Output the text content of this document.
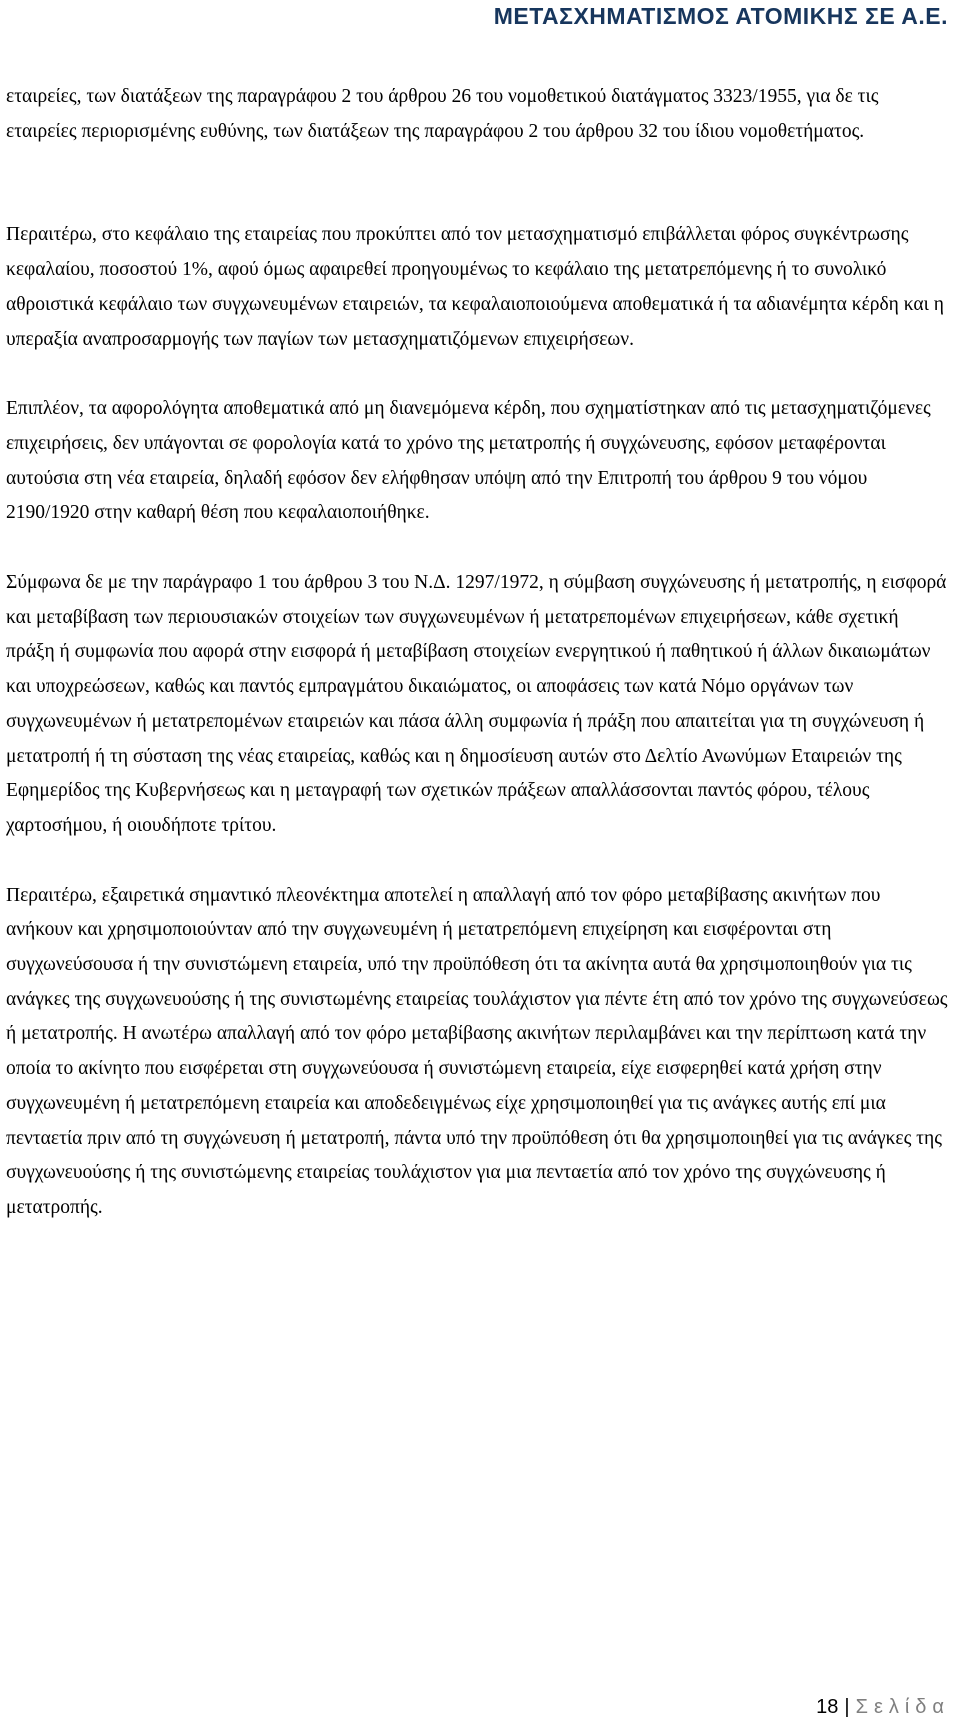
ΜΕΤΑΣΧΗΜΑΤΙΣΜΟΣ ΑΤΟΜΙΚΗΣ ΣΕ Α.Ε.

εταιρείες, των διατάξεων της παραγράφου 2 του άρθρου 26 του νομοθετικού διατάγματος 3323/1955, για δε τις εταιρείες περιορισμένης ευθύνης, των διατάξεων της παραγράφου 2 του άρθρου 32 του ίδιου νομοθετήματος.

Περαιτέρω, στο κεφάλαιο της εταιρείας που προκύπτει από τον μετασχηματισμό επιβάλλεται φόρος συγκέντρωσης κεφαλαίου, ποσοστού 1%, αφού όμως αφαιρεθεί προηγουμένως το κεφάλαιο της μετατρεπόμενης ή το συνολικό αθροιστικά κεφάλαιο των συγχωνευμένων εταιρειών, τα κεφαλαιοποιούμενα αποθεματικά ή τα αδιανέμητα κέρδη και η υπεραξία αναπροσαρμογής των παγίων των μετασχηματιζόμενων επιχειρήσεων.

Επιπλέον, τα αφορολόγητα αποθεματικά από μη διανεμόμενα κέρδη, που σχηματίστηκαν από τις μετασχηματιζόμενες επιχειρήσεις, δεν υπάγονται σε φορολογία κατά το χρόνο της μετατροπής ή συγχώνευσης, εφόσον μεταφέρονται αυτούσια στη νέα εταιρεία, δηλαδή εφόσον δεν ελήφθησαν υπόψη από την Επιτροπή του άρθρου 9 του νόμου 2190/1920 στην καθαρή θέση που κεφαλαιοποιήθηκε.

Σύμφωνα δε με την παράγραφο 1 του άρθρου 3 του Ν.Δ. 1297/1972, η σύμβαση συγχώνευσης ή μετατροπής, η εισφορά και μεταβίβαση των περιουσιακών στοιχείων των συγχωνευμένων ή μετατρεπομένων επιχειρήσεων, κάθε σχετική πράξη ή συμφωνία που αφορά στην εισφορά ή μεταβίβαση στοιχείων ενεργητικού ή παθητικού ή άλλων δικαιωμάτων και υποχρεώσεων, καθώς και παντός εμπραγμάτου δικαιώματος, οι αποφάσεις των κατά Νόμο οργάνων των συγχωνευμένων ή μετατρεπομένων εταιρειών και πάσα άλλη συμφωνία ή πράξη που απαιτείται για τη συγχώνευση ή μετατροπή ή τη σύσταση της νέας εταιρείας, καθώς και η δημοσίευση αυτών στο Δελτίο Ανωνύμων Εταιρειών της Εφημερίδος της Κυβερνήσεως και η μεταγραφή των σχετικών πράξεων απαλλάσσονται παντός φόρου, τέλους χαρτοσήμου, ή οιουδήποτε τρίτου.

Περαιτέρω, εξαιρετικά σημαντικό πλεονέκτημα αποτελεί η απαλλαγή από τον φόρο μεταβίβασης ακινήτων που ανήκουν και χρησιμοποιούνταν από την συγχωνευμένη ή μετατρεπόμενη επιχείρηση και εισφέρονται στη συγχωνεύσουσα ή την συνιστώμενη εταιρεία, υπό την προϋπόθεση ότι τα ακίνητα αυτά θα χρησιμοποιηθούν για τις ανάγκες της συγχωνευούσης ή της συνιστωμένης εταιρείας τουλάχιστον για πέντε έτη από τον χρόνο της συγχωνεύσεως ή μετατροπής. Η ανωτέρω απαλλαγή από τον φόρο μεταβίβασης ακινήτων περιλαμβάνει και την περίπτωση κατά την οποία το ακίνητο που εισφέρεται στη συγχωνεύουσα ή συνιστώμενη εταιρεία, είχε εισφερηθεί κατά χρήση στην συγχωνευμένη ή μετατρεπόμενη εταιρεία και αποδεδειγμένως είχε χρησιμοποιηθεί για τις ανάγκες αυτής επί μια πενταετία πριν από τη συγχώνευση ή μετατροπή, πάντα υπό την προϋπόθεση ότι θα χρησιμοποιηθεί για τις ανάγκες της συγχωνευούσης ή της συνιστώμενης εταιρείας τουλάχιστον για μια πενταετία από τον χρόνο της συγχώνευσης ή μετατροπής.

18 | Σελίδα
